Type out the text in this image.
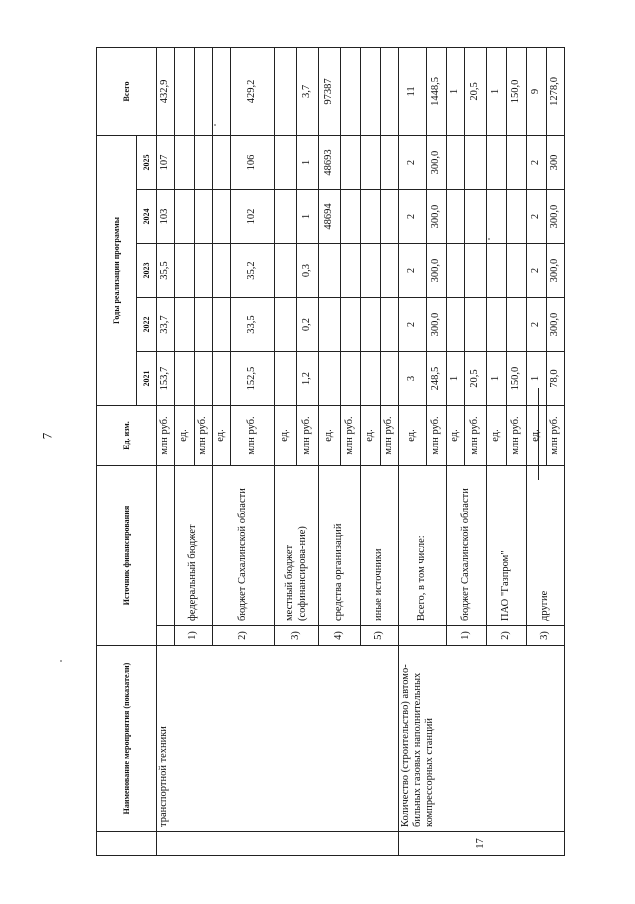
7
	Наименование мероприятия (показатели)	Источник финансирования		Ед. изм.	Годы реализации программы					Всего
					2021	2022	2023	2024	2025	
	транспортной техники			млн руб.	153,7	33,7	35,5	103	107	432,9
		1)	федеральный бюджет	ед.						
				млн руб.						
		2)	бюджет Сахалинской области	ед.						
				млн руб.	152,5	33,5	35,2	102	106	429,2
		3)	местный бюджет (софинансирова-ние)	ед.						
				млн руб.	1,2	0,2	0,3	1	1	3,7
		4)	средства организаций	ед.				48694	48693	97387
				млн руб.						
		5)	иные источники	ед.						
				млн руб.						
17	Количество (строительство) автомо-бильных газовых наполнительных компрессорных станций		Всего, в том числе:	ед.	3	2	2	2	2	11
				млн руб.	248,5	300,0	300,0	300,0	300,0	1448,5
		1)	бюджет Сахалинской области	ед.	1					1
				млн руб.	20,5					20,5
		2)	ПАО "Газпром"	ед.	1					1
				млн руб.	150,0					150,0
		3)	другие	ед.	1	2	2	2	2	9
				млн руб.	78,0	300,0	300,0	300,0	300	1278,0
